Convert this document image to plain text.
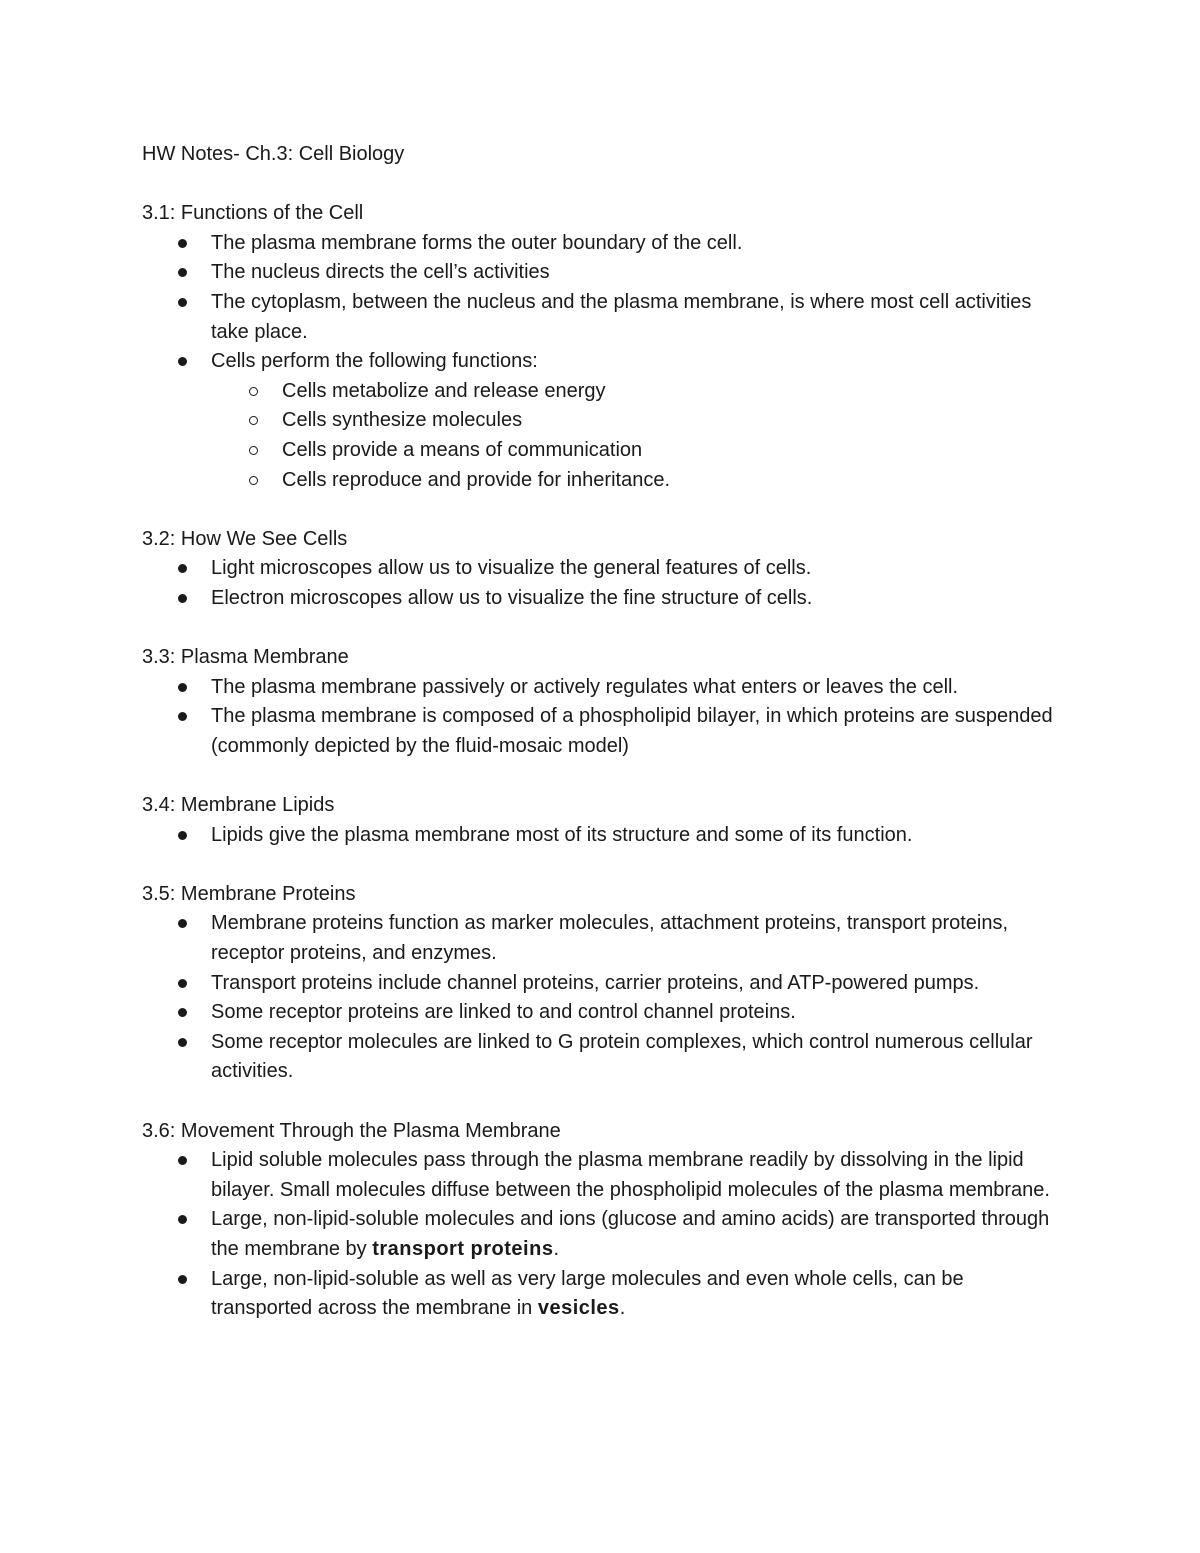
HW Notes- Ch.3: Cell Biology
3.1: Functions of the Cell
The plasma membrane forms the outer boundary of the cell.
The nucleus directs the cell’s activities
The cytoplasm, between the nucleus and the plasma membrane, is where most cell activities take place.
Cells perform the following functions:
Cells metabolize and release energy
Cells synthesize molecules
Cells provide a means of communication
Cells reproduce and provide for inheritance.
3.2: How We See Cells
Light microscopes allow us to visualize the general features of cells.
Electron microscopes allow us to visualize the fine structure of cells.
3.3: Plasma Membrane
The plasma membrane passively or actively regulates what enters or leaves the cell.
The plasma membrane is composed of a phospholipid bilayer, in which proteins are suspended (commonly depicted by the fluid-mosaic model)
3.4: Membrane Lipids
Lipids give the plasma membrane most of its structure and some of its function.
3.5: Membrane Proteins
Membrane proteins function as marker molecules, attachment proteins, transport proteins, receptor proteins, and enzymes.
Transport proteins include channel proteins, carrier proteins, and ATP-powered pumps.
Some receptor proteins are linked to and control channel proteins.
Some receptor molecules are linked to G protein complexes, which control numerous cellular activities.
3.6: Movement Through the Plasma Membrane
Lipid soluble molecules pass through the plasma membrane readily by dissolving in the lipid bilayer. Small molecules diffuse between the phospholipid molecules of the plasma membrane.
Large, non-lipid-soluble molecules and ions (glucose and amino acids) are transported through the membrane by transport proteins.
Large, non-lipid-soluble as well as very large molecules and even whole cells, can be transported across the membrane in vesicles.
